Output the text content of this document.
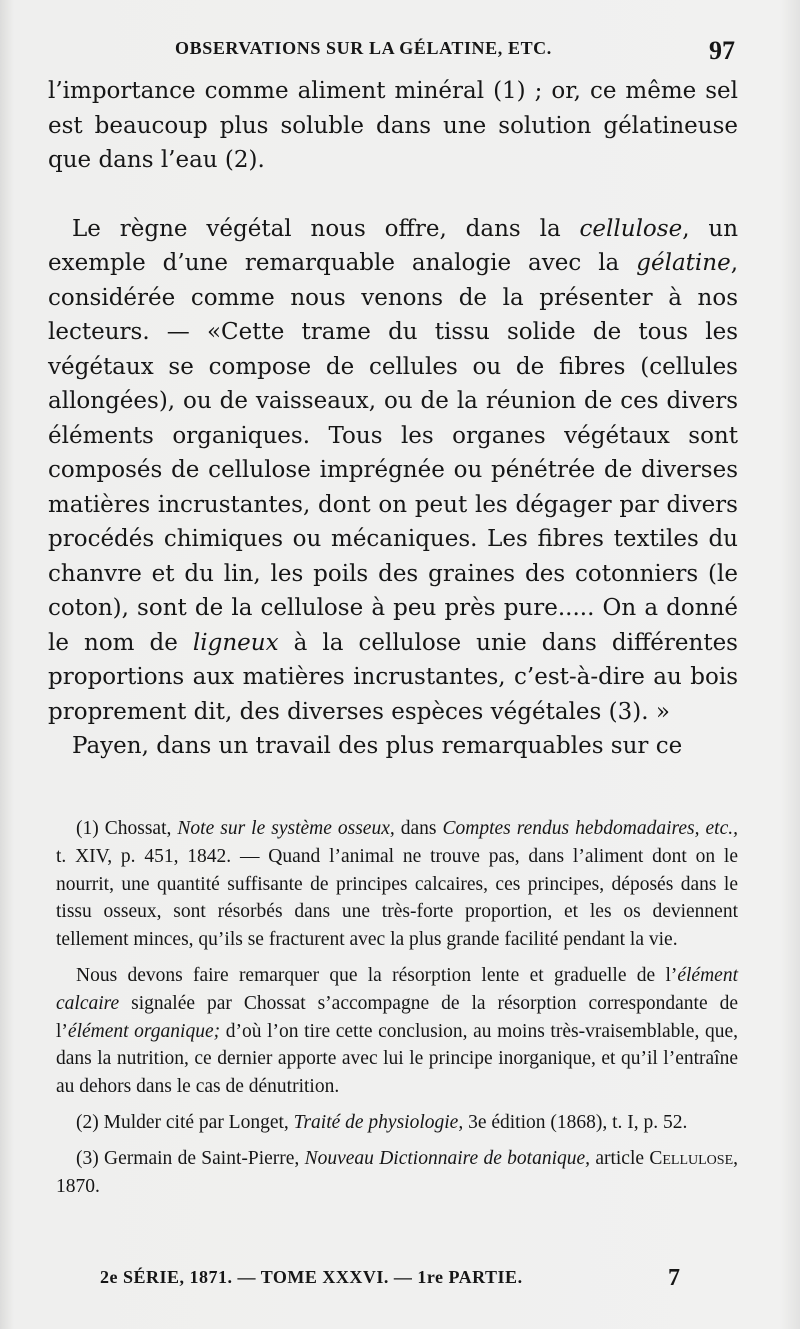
OBSERVATIONS SUR LA GÉLATINE, ETC.	97

l’importance comme aliment minéral (1) ; or, ce même sel est beaucoup plus soluble dans une solution gélatineuse que dans l’eau (2).

Le règne végétal nous offre, dans la cellulose, un exemple d’une remarquable analogie avec la gélatine, considérée comme nous venons de la présenter à nos lecteurs. — «Cette trame du tissu solide de tous les végétaux se compose de cellules ou de fibres (cellules allongées), ou de vaisseaux, ou de la réunion de ces divers éléments organiques. Tous les organes végétaux sont composés de cellulose imprégnée ou pénétrée de diverses matières incrustantes, dont on peut les dégager par divers procédés chimiques ou mécaniques. Les fibres textiles du chanvre et du lin, les poils des graines des cotonniers (le coton), sont de la cellulose à peu près pure..... On a donné le nom de ligneux à la cellulose unie dans différentes proportions aux matières incrustantes, c’est-à-dire au bois proprement dit, des diverses espèces végétales (3). »

Payen, dans un travail des plus remarquables sur ce

(1) Chossat, Note sur le système osseux, dans Comptes rendus hebdomadaires, etc., t. XIV, p. 451, 1842. — Quand l’animal ne trouve pas, dans l’aliment dont on le nourrit, une quantité suffisante de principes calcaires, ces principes, déposés dans le tissu osseux, sont résorbés dans une très-forte proportion, et les os deviennent tellement minces, qu’ils se fracturent avec la plus grande facilité pendant la vie.

Nous devons faire remarquer que la résorption lente et graduelle de l’élément calcaire signalée par Chossat s’accompagne de la résorption correspondante de l’élément organique; d’où l’on tire cette conclusion, au moins très-vraisemblable, que, dans la nutrition, ce dernier apporte avec lui le principe inorganique, et qu’il l’entraîne au dehors dans le cas de dénutrition.

(2) Mulder cité par Longet, Traité de physiologie, 3e édition (1868), t. I, p. 52.

(3) Germain de Saint-Pierre, Nouveau Dictionnaire de botanique, article Cellulose, 1870.

2e SÉRIE, 1871. — TOME XXXVI. — 1re PARTIE.	7
